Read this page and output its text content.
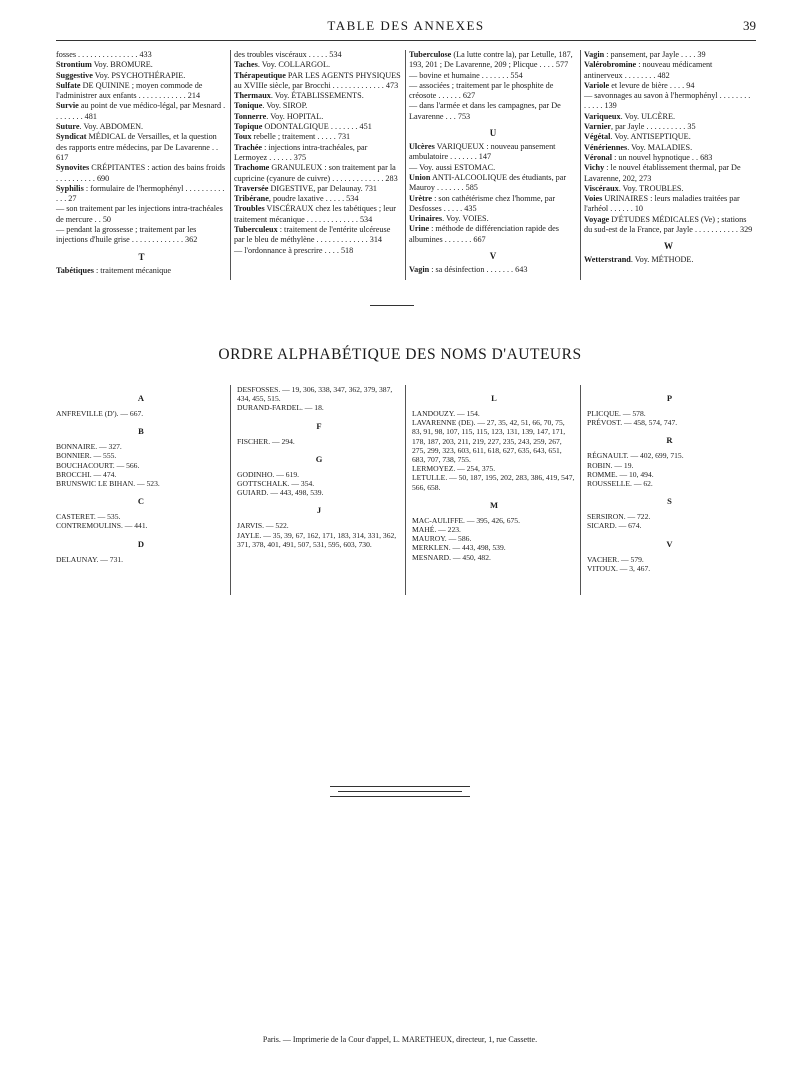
TABLE DES ANNEXES	39
fosses . . . . . . . . . . . . . . . 433
Strontium Voy. BROMURE.
Suggestive Voy. PSYCHOTHÉRAPIE.
Sulfate DE QUININE ; moyen commode de l'administrer aux enfants . . . . . . . . . . . . 214
Survie au point de vue médico-légal, par Mesnard . . . . . . . . 481
Suture. Voy. ABDOMEN.
Syndicat MÉDICAL de Versailles, et la question des rapports entre médecins, par De Lavarenne . . 617
Synovites CRÉPITANTES : action des bains froids . . . . . . . . . . 690
Syphilis : formulaire de l'hermophényl . . . . . . . . . . . . . 27
— son traitement par les injections intra-trachéales de mercure . . 50
— pendant la grossesse ; traitement par les injections d'huile grise . . . . . . . . . . . . . 362
T
Tabétiques : traitement mécanique
des troubles viscéraux . . . . . 534
Taches. Voy. COLLARGOL.
Thérapeutique PAR LES AGENTS PHYSIQUES au XVIIIe siècle, par Brocchi . . . . . . . . . . . . . 473
Thermaux. Voy. ÉTABLISSEMENTS.
Tonique. Voy. SIROP.
Tonnerre. Voy. HOPITAL.
Topique ODONTALGIQUE . . . . . . . 451
Toux rebelle ; traitement . . . . . 731
Trachée : injections intra-trachéales, par Lermoyez . . . . . . 375
Trachome GRANULEUX : son traitement par la cupricine (cyanure de cuivre) . . . . . . . . . . . . . 283
Traversée DIGESTIVE, par Delaunay. 731
Tribérane, poudre laxative . . . . . 534
Troubles VISCÉRAUX chez les tabétiques ; leur traitement mécanique . . . . . . . . . . . . . 534
Tuberculeux : traitement de l'entérite ulcéreuse par le bleu de méthylène . . . . . . . . . . . . . 314
— l'ordonnance à prescrire . . . . 518
Tuberculose (La lutte contre la), par Letulle, 187, 193, 201 ; De Lavarenne, 209 ; Plicque . . . . 577
— bovine et humaine . . . . . . . 554
— associées ; traitement par le phosphite de créosote . . . . . . 627
— dans l'armée et dans les campagnes, par De Lavarenne . . . 753
U
Ulcères VARIQUEUX : nouveau pansement ambulatoire . . . . . . . 147
— Voy. aussi ESTOMAC.
Union ANTI-ALCOOLIQUE des étudiants, par Mauroy . . . . . . . 585
Urètre : son cathétérisme chez l'homme, par Desfosses . . . . . 435
Urinaires. Voy. VOIES.
Urine : méthode de différenciation rapide des albumines . . . . . . . 667
V
Vagin : sa désinfection . . . . . . . 643
Vagin : pansement, par Jayle . . . . 39
Valérobromine : nouveau médicament antinerveux . . . . . . . . 482
Variole et levure de bière . . . . 94
— savonnages au savon à l'hermophényl . . . . . . . . . . . . . 139
Variqueux. Voy. ULCÈRE.
Varnier, par Jayle . . . . . . . . . . 35
Végétal. Voy. ANTISEPTIQUE.
Vénériennes. Voy. MALADIES.
Véronal : un nouvel hypnotique . . 683
Vichy : le nouvel établissement thermal, par De Lavarenne, 202, 273
Viscéraux. Voy. TROUBLES.
Voies URINAIRES : leurs maladies traitées par l'arhéol . . . . . . 10
Voyage D'ÉTUDES MÉDICALES (Ve) ; stations du sud-est de la France, par Jayle . . . . . . . . . . . 329
W
Wetterstrand. Voy. MÉTHODE.
ORDRE ALPHABÉTIQUE DES NOMS D'AUTEURS
A
ANFREVILLE (D'). — 667.
B
BONNAIRE. — 327.
BONNIER. — 555.
BOUCHACOURT. — 566.
BROCCHI. — 474.
BRUNSWIC LE BIHAN. — 523.
C
CASTERET. — 535.
CONTREMOULINS. — 441.
D
DELAUNAY. — 731.
DESFOSSES. — 19, 306, 338, 347, 362, 379, 387, 434, 455, 515.
DURAND-FARDEL. — 18.
F
FISCHER. — 294.
G
GODINHO. — 619.
GOTTSCHALK. — 354.
GUIARD. — 443, 498, 539.
J
JARVIS. — 522.
JAYLE. — 35, 39, 67, 162, 171, 183, 314, 331, 362, 371, 378, 401, 491, 507, 531, 595, 603, 730.
L
LANDOUZY. — 154.
LAVARENNE (DE). — 27, 35, 42, 51, 66, 70, 75, 83, 91, 98, 107, 115, 115, 123, 131, 139, 147, 171, 178, 187, 203, 211, 219, 227, 235, 243, 259, 267, 275, 299, 323, 603, 611, 618, 627, 635, 643, 651, 683, 707, 738, 755.
LERMOYEZ. — 254, 375.
LETULLE. — 50, 187, 195, 202, 283, 386, 419, 547, 566, 658.
M
MAC-AULIFFE. — 395, 426, 675.
MAHÉ. — 223.
MAUROY. — 586.
MERKLEN. — 443, 498, 539.
MESNARD. — 450, 482.
P
PLICQUE. — 578.
PRÉVOST. — 458, 574, 747.
R
RÉGNAULT. — 402, 699, 715.
ROBIN. — 19.
ROMME. — 10, 494.
ROUSSELLE. — 62.
S
SERSIRON. — 722.
SICARD. — 674.
V
VACHER. — 579.
VITOUX. — 3, 467.
Paris. — Imprimerie de la Cour d'appel, L. MARETHEUX, directeur, 1, rue Cassette.
